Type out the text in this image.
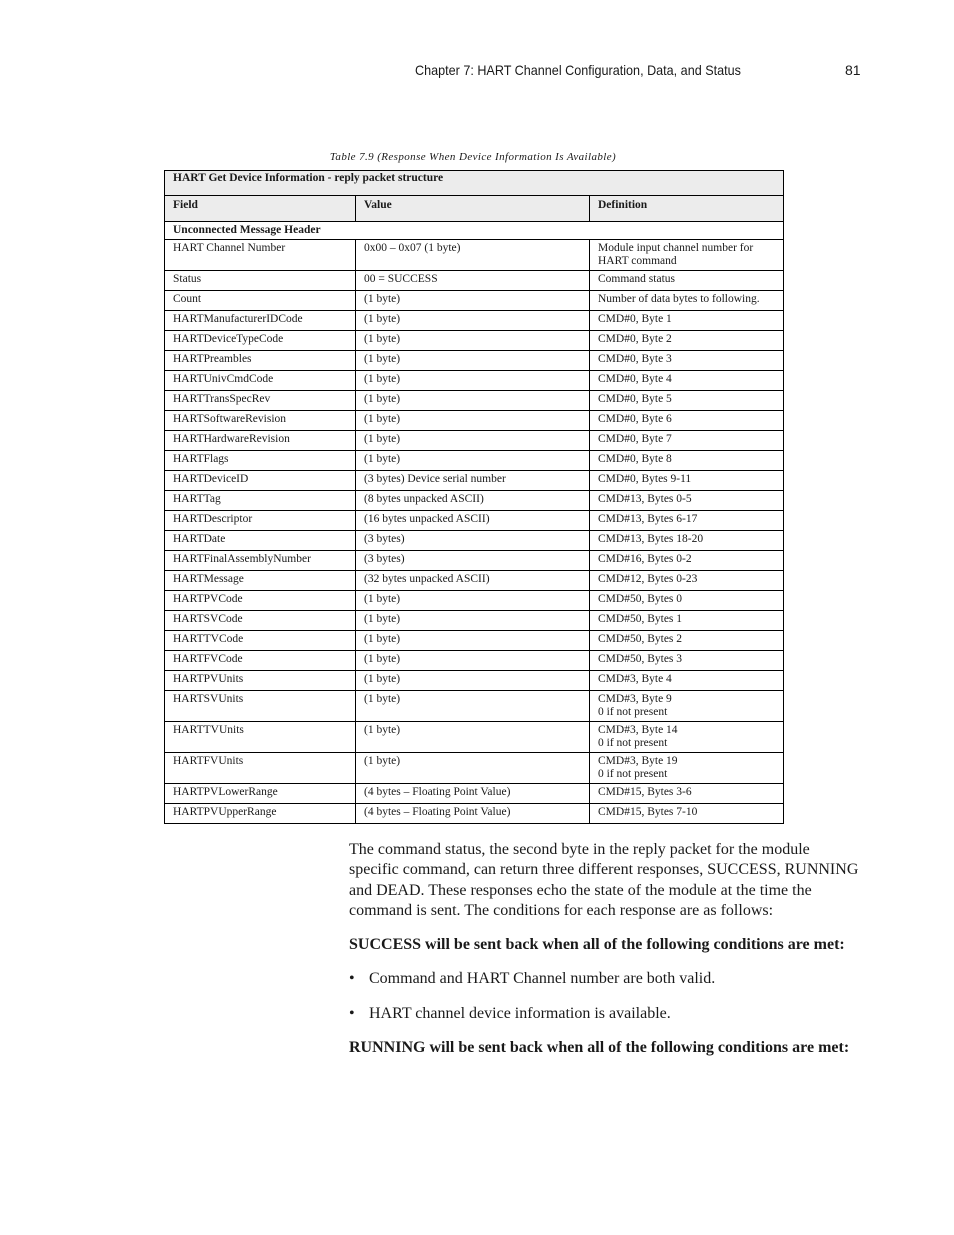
Chapter 7: HART Channel Configuration, Data, and Status	81
Table 7.9 (Response When Device Information Is Available)
HART Get Device Information - reply packet structure		
Field	Value	Definition
Unconnected Message Header		
HART Channel Number	0x00 – 0x07 (1 byte)	Module input channel number for HART command

Status	00 = SUCCESS	Command status

Count	(1 byte)	Number of data bytes to following.

HARTManufacturerIDCode	(1 byte)	CMD#0, Byte 1

HARTDeviceTypeCode	(1 byte)	CMD#0, Byte 2

HARTPreambles	(1 byte)	CMD#0, Byte 3

HARTUnivCmdCode	(1 byte)	CMD#0, Byte 4

HARTTransSpecRev	(1 byte)	CMD#0, Byte 5

HARTSoftwareRevision	(1 byte)	CMD#0, Byte 6

HARTHardwareRevision	(1 byte)	CMD#0, Byte 7

HARTFlags	(1 byte)	CMD#0, Byte 8

HARTDeviceID	(3 bytes) Device serial number	CMD#0, Bytes 9-11

HARTTag	(8 bytes unpacked ASCII)	CMD#13, Bytes 0-5

HARTDescriptor	(16 bytes unpacked ASCII)	CMD#13, Bytes 6-17

HARTDate	(3 bytes)	CMD#13, Bytes 18-20

HARTFinalAssemblyNumber	(3 bytes)	CMD#16, Bytes 0-2

HARTMessage	(32 bytes unpacked ASCII)	CMD#12, Bytes 0-23

HARTPVCode	(1 byte)	CMD#50, Bytes 0

HARTSVCode	(1 byte)	CMD#50, Bytes 1

HARTTVCode	(1 byte)	CMD#50, Bytes 2

HARTFVCode	(1 byte)	CMD#50, Bytes 3

HARTPVUnits	(1 byte)	CMD#3, Byte 4

HARTSVUnits	(1 byte)	CMD#3, Byte 9
0 if not present

HARTTVUnits	(1 byte)	CMD#3, Byte 14
0 if not present

HARTFVUnits	(1 byte)	CMD#3, Byte 19
0 if not present

HARTPVLowerRange	(4 bytes – Floating Point Value)	CMD#15, Bytes 3-6

HARTPVUpperRange	(4 bytes – Floating Point Value)	CMD#15, Bytes 7-10

The command status, the second byte in the reply packet for the module specific command, can return three different responses, SUCCESS, RUNNING and DEAD. These responses echo the state of the module at the time the command is sent. The conditions for each response are as follows:

SUCCESS will be sent back when all of the following conditions are met:

• Command and HART Channel number are both valid.
• HART channel device information is available.

RUNNING will be sent back when all of the following conditions are met:
